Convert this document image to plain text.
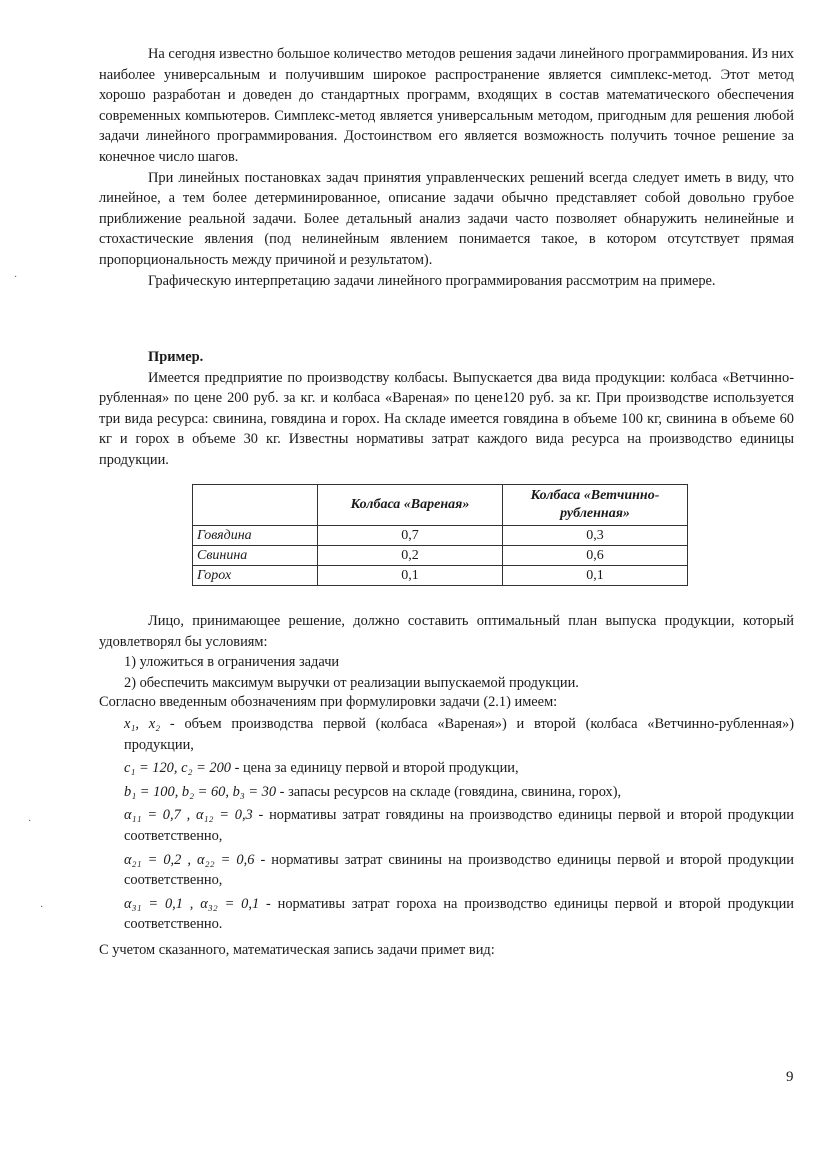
На сегодня известно большое количество методов решения задачи линейного программирования. Из них наиболее универсальным и получившим широкое распространение является симплекс-метод. Этот метод хорошо разработан и доведен до стандартных программ, входящих в состав математического обеспечения современных компьютеров. Симплекс-метод является универсальным методом, пригодным для решения любой задачи линейного программирования. Достоинством его является возможность получить точное решение за конечное число шагов.

При линейных постановках задач принятия управленческих решений всегда следует иметь в виду, что линейное, а тем более детерминированное, описание задачи обычно представляет собой довольно грубое приближение реальной задачи. Более детальный анализ задачи часто позволяет обнаружить нелинейные и стохастические явления (под нелинейным явлением понимается такое, в котором отсутствует прямая пропорциональность между причиной и результатом).

Графическую интерпретацию задачи линейного программирования рассмотрим на примере.

Пример.

Имеется предприятие по производству колбасы. Выпускается два вида продукции: колбаса «Ветчинно-рубленная» по цене 200 руб. за кг. и колбаса «Вареная» по цене120 руб. за кг. При производстве используется три вида ресурса: свинина, говядина и горох. На складе имеется говядина в объеме 100 кг, свинина в объеме 60 кг и горох в объеме 30 кг. Известны нормативы затрат каждого вида ресурса на производство единицы продукции.

	Колбаса «Вареная»	Колбаса «Ветчинно-рубленная»
Говядина	0,7	0,3
Свинина	0,2	0,6
Горох	0,1	0,1

Лицо, принимающее решение, должно составить оптимальный план выпуска продукции, который удовлетворял бы условиям:

1) уложиться в ограничения задачи
2) обеспечить максимум выручки от реализации выпускаемой продукции.

Согласно введенным обозначениям при формулировки задачи (2.1) имеем:

x₁, x₂ - объем производства первой (колбаса «Вареная») и второй (колбаса «Ветчинно-рубленная») продукции,

c₁ = 120, c₂ = 200 - цена за единицу первой и второй продукции,

b₁ = 100, b₂ = 60, b₃ = 30 - запасы ресурсов на складе (говядина, свинина, горох),

α₁₁ = 0,7 , α₁₂ = 0,3 - нормативы затрат говядины на производство единицы первой и второй продукции соответственно,

α₂₁ = 0,2 , α₂₂ = 0,6 - нормативы затрат свинины на производство единицы первой и второй продукции соответственно,

α₃₁ = 0,1 , α₃₂ = 0,1 - нормативы затрат гороха на производство единицы первой и второй продукции соответственно.

С учетом сказанного, математическая запись задачи примет вид:

9
·
·
·
